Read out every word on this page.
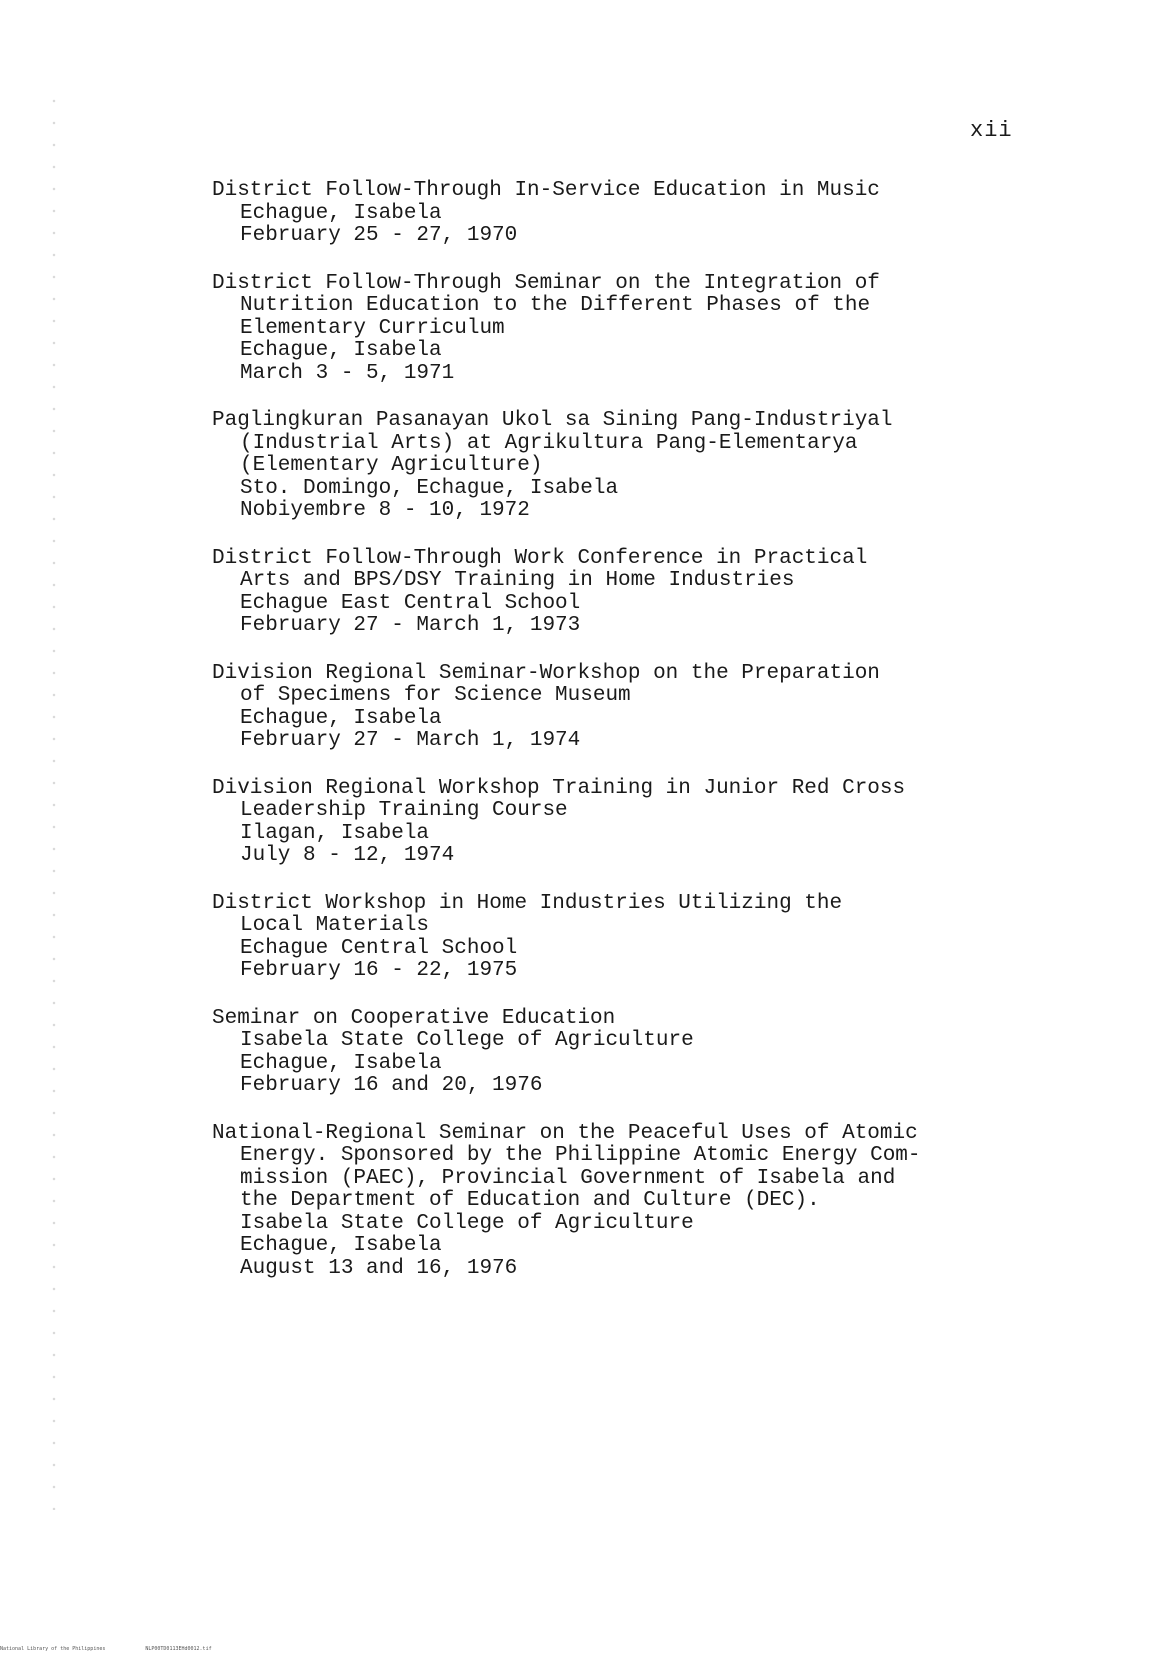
xii
District Follow-Through In-Service Education in Music
Echague, Isabela
February 25 - 27, 1970
District Follow-Through Seminar on the Integration of
Nutrition Education to the Different Phases of the
Elementary Curriculum
Echague, Isabela
March 3 - 5, 1971
Paglingkuran Pasanayan Ukol sa Sining Pang-Industriyal
(Industrial Arts) at Agrikultura Pang-Elementarya
(Elementary Agriculture)
Sto. Domingo, Echague, Isabela
Nobiyembre 8 - 10, 1972
District Follow-Through Work Conference in Practical
Arts and BPS/DSY Training in Home Industries
Echague East Central School
February 27 - March 1, 1973
Division Regional Seminar-Workshop on the Preparation
of Specimens for Science Museum
Echague, Isabela
February 27 - March 1, 1974
Division Regional Workshop Training in Junior Red Cross
Leadership Training Course
Ilagan, Isabela
July 8 - 12, 1974
District Workshop in Home Industries Utilizing the
Local Materials
Echague Central School
February 16 - 22, 1975
Seminar on Cooperative Education
Isabela State College of Agriculture
Echague, Isabela
February 16 and 20, 1976
National-Regional Seminar on the Peaceful Uses of Atomic
Energy. Sponsored by the Philippine Atomic Energy Com-
mission (PAEC), Provincial Government of Isabela and
the Department of Education and Culture (DEC).
Isabela State College of Agriculture
Echague, Isabela
August 13 and 16, 1976
National Library of the Philippines	NLP00TD0113EHd0012.tif
